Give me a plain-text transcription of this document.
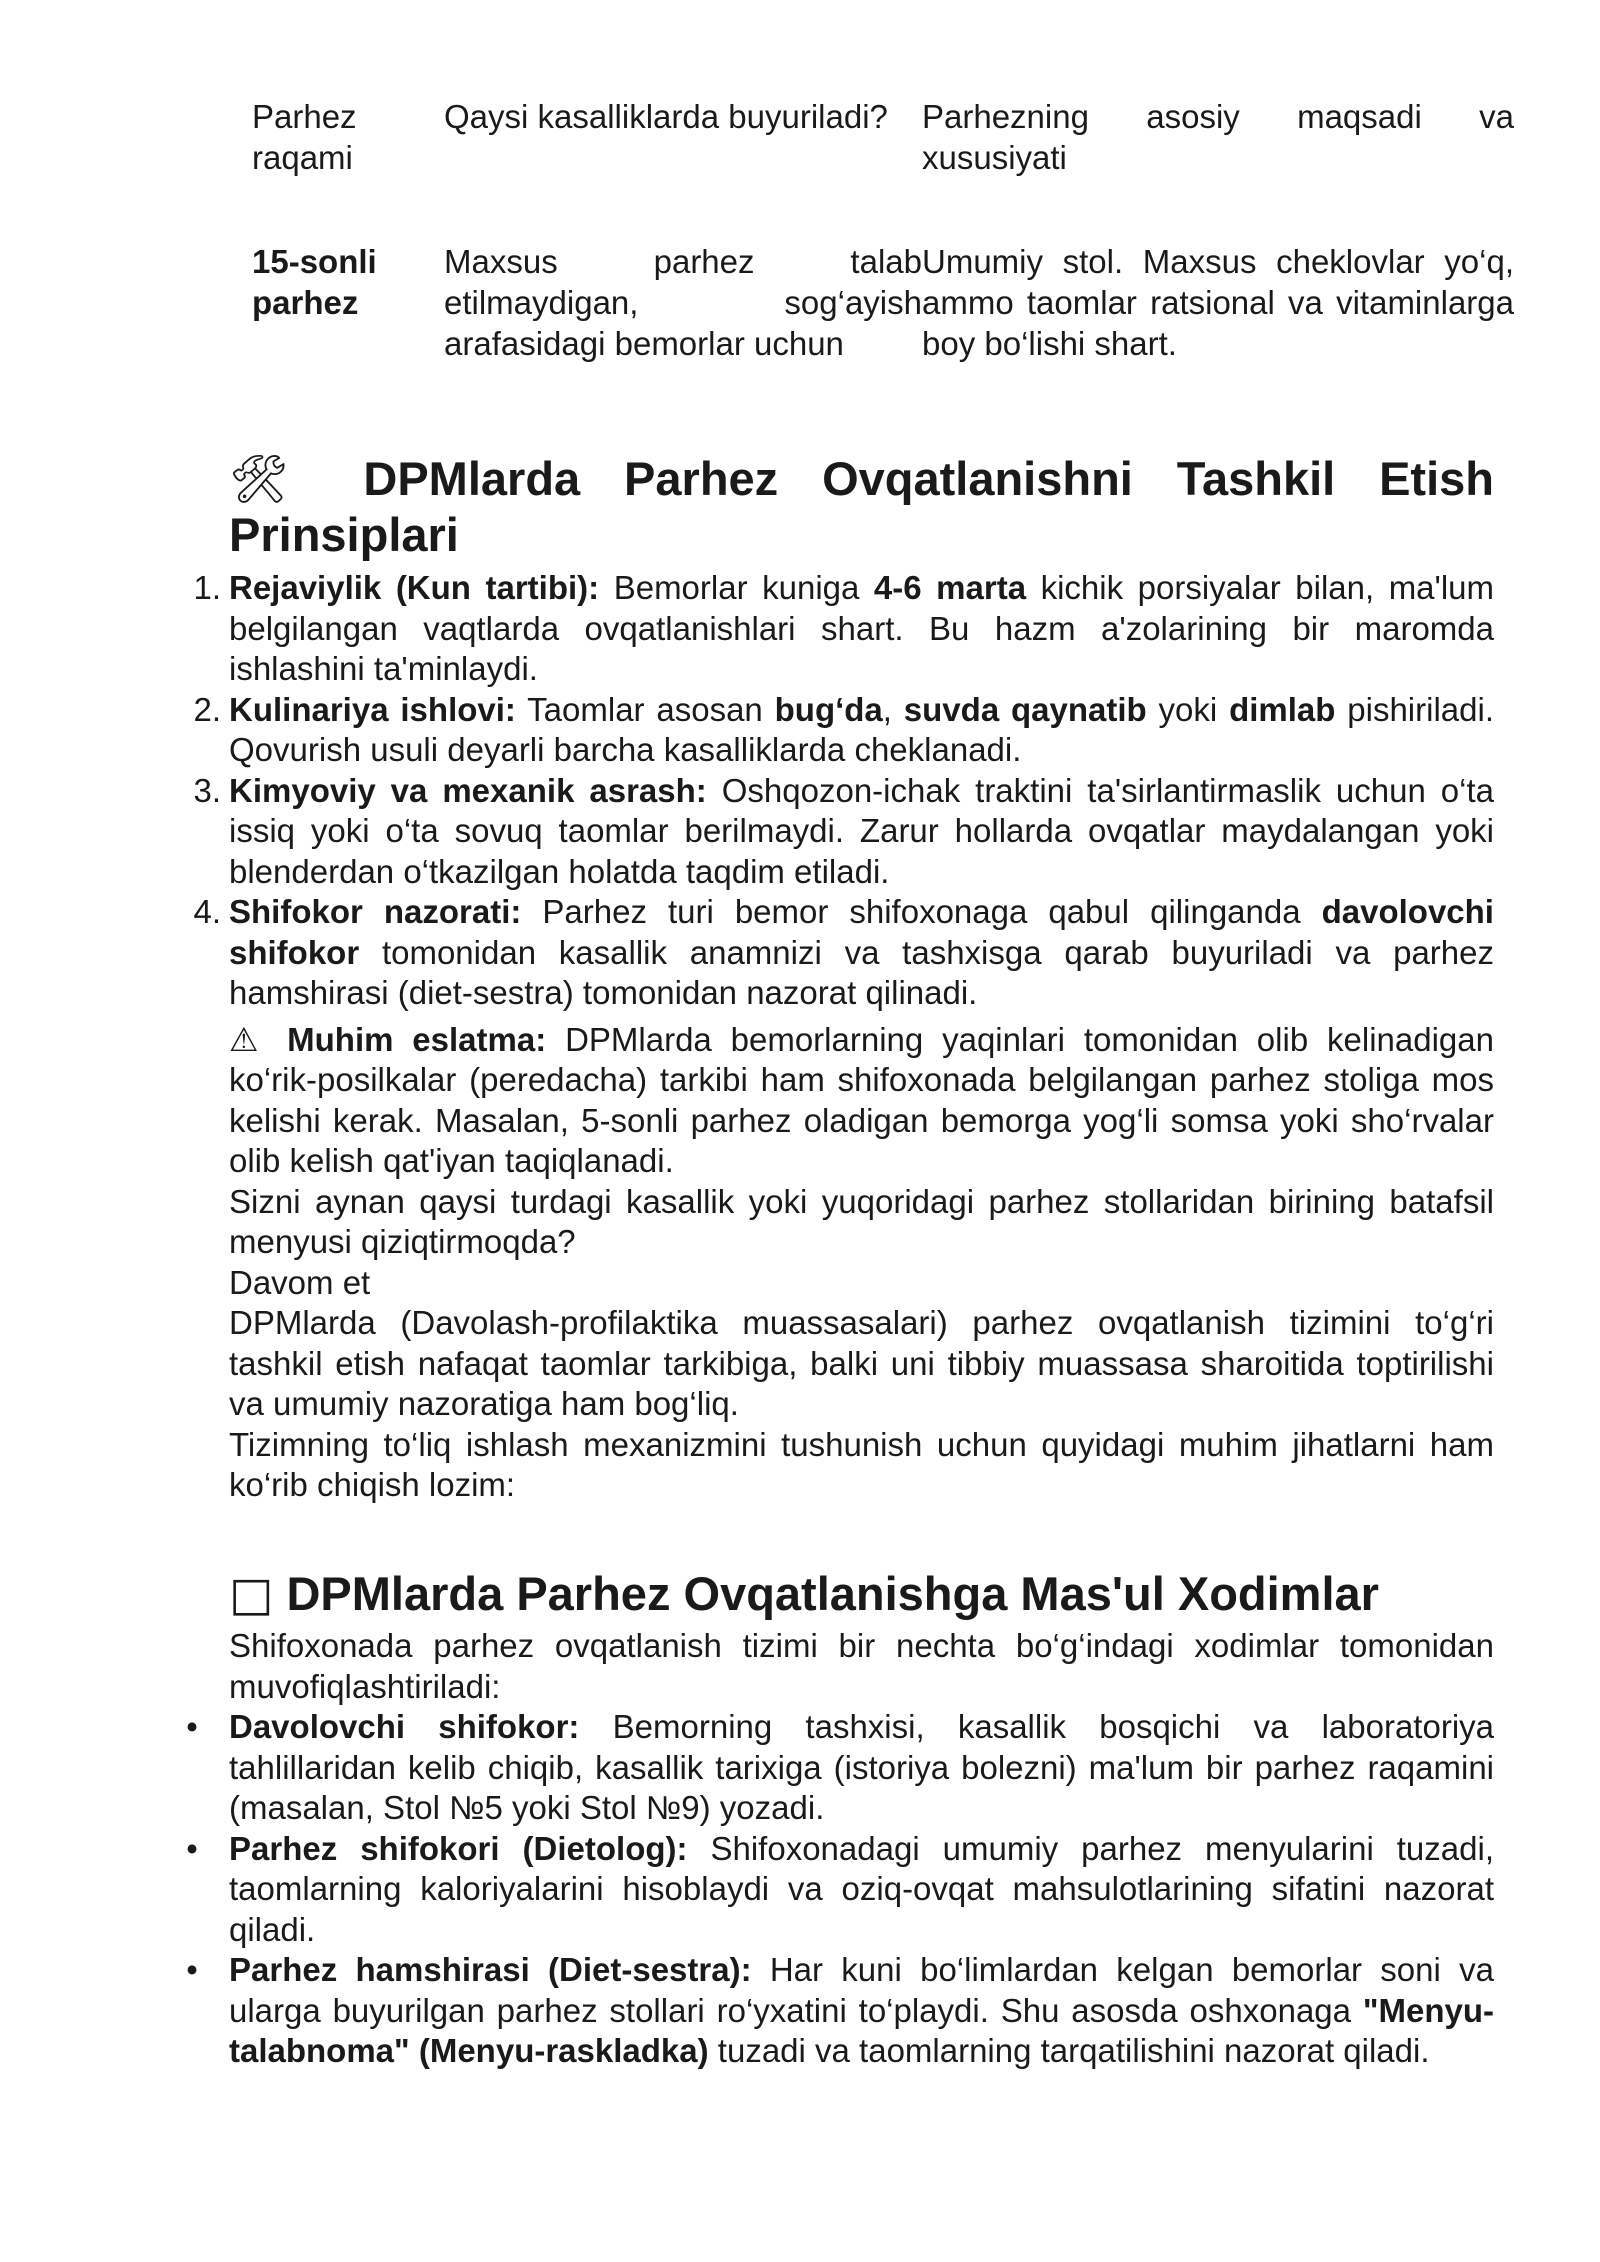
Parhez raqami	Qaysi kasalliklarda buyuriladi?	Parhezning asosiy maqsadi va xususiyati
15-sonli parhez	Maxsus parhez talab etilmaydigan, sog‘ayish arafasidagi bemorlar uchun	Umumiy stol. Maxsus cheklovlar yo‘q, ammo taomlar ratsional va vitaminlarga boy bo‘lishi shart.
🛠 DPMlarda Parhez Ovqatlanishni Tashkil Etish Prinsiplari
1. Rejaviylik (Kun tartibi): Bemorlar kuniga 4-6 marta kichik porsiyalar bilan, ma'lum belgilangan vaqtlarda ovqatlanishlari shart. Bu hazm a'zolarining bir maromda ishlashini ta'minlaydi.
2. Kulinariya ishlovi: Taomlar asosan bug‘da, suvda qaynatib yoki dimlab pishiriladi. Qovurish usuli deyarli barcha kasalliklarda cheklanadi.
3. Kimyoviy va mexanik asrash: Oshqozon-ichak traktini ta'sirlantirmaslik uchun o‘ta issiq yoki o‘ta sovuq taomlar berilmaydi. Zarur hollarda ovqatlar maydalangan yoki blenderdan o‘tkazilgan holatda taqdim etiladi.
4. Shifokor nazorati: Parhez turi bemor shifoxonaga qabul qilinganda davolovchi shifokor tomonidan kasallik anamnizi va tashxisga qarab buyuriladi va parhez hamshirasi (diet-sestra) tomonidan nazorat qilinadi.

⚠ Muhim eslatma: DPMlarda bemorlarning yaqinlari tomonidan olib kelinadigan ko‘rik-posilkalar (peredacha) tarkibi ham shifoxonada belgilangan parhez stoliga mos kelishi kerak. Masalan, 5-sonli parhez oladigan bemorga yog‘li somsa yoki sho‘rvalar olib kelish qat'iyan taqiqlanadi.

Sizni aynan qaysi turdagi kasallik yoki yuqoridagi parhez stollaridan birining batafsil menyusi qiziqtirmoqda?

Davom et

DPMlarda (Davolash-profilaktika muassasalari) parhez ovqatlanish tizimini to‘g‘ri tashkil etish nafaqat taomlar tarkibiga, balki uni tibbiy muassasa sharoitida toptirilishi va umumiy nazoratiga ham bog‘liq.

Tizimning to‘liq ishlash mexanizmini tushunish uchun quyidagi muhim jihatlarni ham ko‘rib chiqish lozim:

□ DPMlarda Parhez Ovqatlanishga Mas'ul Xodimlar

Shifoxonada parhez ovqatlanish tizimi bir nechta bo‘g‘indagi xodimlar tomonidan muvofiqlashtiriladi:

• Davolovchi shifokor: Bemorning tashxisi, kasallik bosqichi va laboratoriya tahlillaridan kelib chiqib, kasallik tarixiga (istoriya bolezni) ma'lum bir parhez raqamini (masalan, Stol №5 yoki Stol №9) yozadi.
• Parhez shifokori (Dietolog): Shifoxonadagi umumiy parhez menyularini tuzadi, taomlarning kaloriyalarini hisoblaydi va oziq-ovqat mahsulotlarining sifatini nazorat qiladi.
• Parhez hamshirasi (Diet-sestra): Har kuni bo‘limlardan kelgan bemorlar soni va ularga buyurilgan parhez stollari ro‘yxatini to‘playdi. Shu asosda oshxonaga "Menyu-talabnoma" (Menyu-raskladka) tuzadi va taomlarning tarqatilishini nazorat qiladi.
